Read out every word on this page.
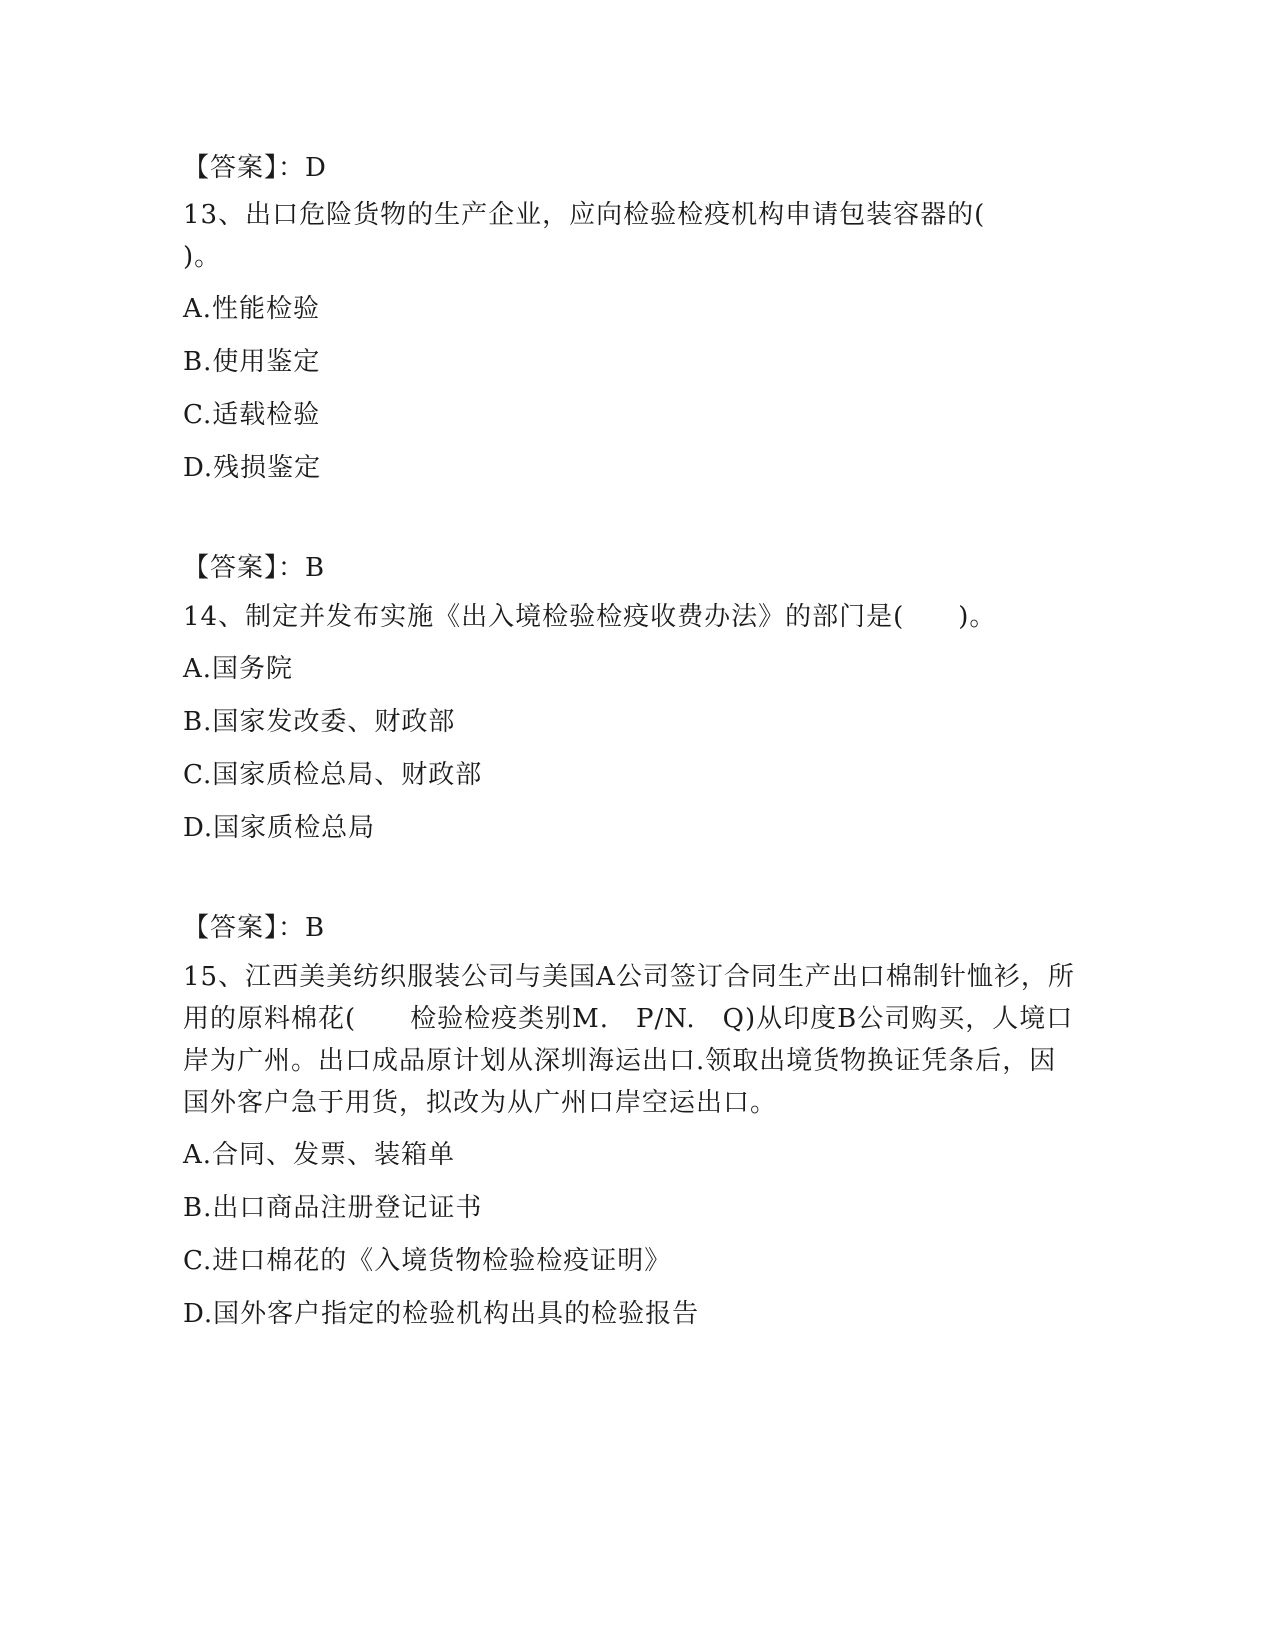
【答案】：D
13、出口危险货物的生产企业，应向检验检疫机构申请包装容器的(
)。
A.性能检验
B.使用鉴定
C.适载检验
D.残损鉴定
【答案】：B
14、制定并发布实施《出入境检验检疫收费办法》的部门是(　　)。
A.国务院
B.国家发改委、财政部
C.国家质检总局、财政部
D.国家质检总局
【答案】：B
15、江西美美纺织服装公司与美国A公司签订合同生产出口棉制针恤衫，所用的原料棉花(　　检验检疫类别M.　P/N.　Q)从印度B公司购买，人境口岸为广州。出口成品原计划从深圳海运出口.领取出境货物换证凭条后，因国外客户急于用货，拟改为从广州口岸空运出口。
A.合同、发票、装箱单
B.出口商品注册登记证书
C.进口棉花的《入境货物检验检疫证明》
D.国外客户指定的检验机构出具的检验报告
